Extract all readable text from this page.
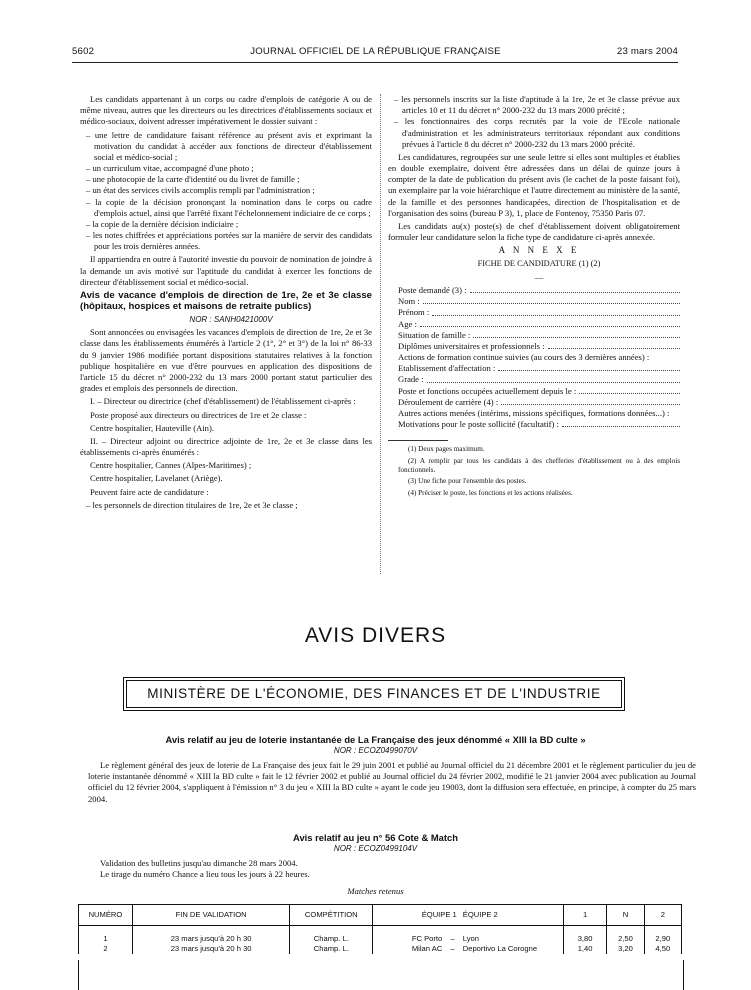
5602	JOURNAL OFFICIEL DE LA RÉPUBLIQUE FRANÇAISE	23 mars 2004

Les candidats appartenant à un corps ou cadre d'emplois de catégorie A ou de même niveau, autres que les directeurs ou les directrices d'établissements sociaux et médico-sociaux, doivent adresser impérativement le dossier suivant :

– une lettre de candidature faisant référence au présent avis et exprimant la motivation du candidat à accéder aux fonctions de directeur d'établissement social et médico-social ;
– un curriculum vitae, accompagné d'une photo ;
– une photocopie de la carte d'identité ou du livret de famille ;
– un état des services civils accomplis rempli par l'administration ;
– la copie de la décision prononçant la nomination dans le corps ou cadre d'emplois actuel, ainsi que l'arrêté fixant l'échelonnement indiciaire de ce corps ;
– la copie de la dernière décision indiciaire ;
– les notes chiffrées et appréciations portées sur la manière de servir des candidats pour les trois dernières années.

Il appartiendra en outre à l'autorité investie du pouvoir de nomination de joindre à la demande un avis motivé sur l'aptitude du candidat à exercer les fonctions de directeur d'établissement social et médico-social.

Avis de vacance d'emplois de direction de 1re, 2e et 3e classe (hôpitaux, hospices et maisons de retraite publics)

NOR : SANH0421000V

Sont annoncées ou envisagées les vacances d'emplois de direction de 1re, 2e et 3e classe dans les établissements énumérés à l'article 2 (1°, 2° et 3°) de la loi n° 86-33 du 9 janvier 1986 modifiée portant dispositions statutaires relatives à la fonction publique hospitalière en vue d'être pourvues en application des dispositions de l'article 15 du décret n° 2000-232 du 13 mars 2000 portant statut particulier des grades et emplois des personnels de direction.

I. – Directeur ou directrice (chef d'établissement) de l'établissement ci-après :

Poste proposé aux directeurs ou directrices de 1re et 2e classe :

Centre hospitalier, Hauteville (Ain).

II. – Directeur adjoint ou directrice adjointe de 1re, 2e et 3e classe dans les établissements ci-après énumérés :

Centre hospitalier, Cannes (Alpes-Maritimes) ;

Centre hospitalier, Lavelanet (Ariège).

Peuvent faire acte de candidature :

– les personnels de direction titulaires de 1re, 2e et 3e classe ;
– les personnels inscrits sur la liste d'aptitude à la 1re, 2e et 3e classe prévue aux articles 10 et 11 du décret n° 2000-232 du 13 mars 2000 précité ;
– les fonctionnaires des corps recrutés par la voie de l'Ecole nationale d'administration et les administrateurs territoriaux répondant aux conditions prévues à l'article 8 du décret n° 2000-232 du 13 mars 2000 précité.

Les candidatures, regroupées sur une seule lettre si elles sont multiples et établies en double exemplaire, doivent être adressées dans un délai de quinze jours à compter de la date de publication du présent avis (le cachet de la poste faisant foi), un exemplaire par la voie hiérarchique et l'autre directement au ministère de la santé, de la famille et des personnes handicapées, direction de l'hospitalisation et de l'organisation des soins (bureau P 3), 1, place de Fontenoy, 75350 Paris 07.

Les candidats au(x) poste(s) de chef d'établissement doivent obligatoirement formuler leur candidature selon la fiche type de candidature ci-après annexée.

A N N E X E

FICHE DE CANDIDATURE (1) (2)

—

Poste demandé (3) :
Nom :
Prénom :
Age :
Situation de famille :
Diplômes universitaires et professionnels :

Actions de formation continue suivies (au cours des 3 dernières années) :

Etablissement d'affectation :
Grade :
Poste et fonctions occupées actuellement depuis le :
Déroulement de carrière (4) :

Autres actions menées (intérims, missions spécifiques, formations données...) :

Motivations pour le poste sollicité (facultatif) :

(1) Deux pages maximum.

(2) A remplir par tous les candidats à des chefferies d'établissement ou à des emplois fonctionnels.

(3) Une fiche pour l'ensemble des postes.

(4) Préciser le poste, les fonctions et les actions réalisées.

AVIS DIVERS
MINISTÈRE DE L'ÉCONOMIE, DES FINANCES ET DE L'INDUSTRIE
Avis relatif au jeu de loterie instantanée de La Française des jeux dénommé « XIII la BD culte »
NOR : ECOZ0499070V
Le règlement général des jeux de loterie de La Française des jeux fait le 29 juin 2001 et publié au Journal officiel du 21 décembre 2001 et le règlement particulier du jeu de loterie instantanée dénommé « XIII la BD culte » fait le 12 février 2002 et publié au Journal officiel du 24 février 2002, modifié le 21 janvier 2004 avec publication au Journal officiel du 12 février 2004, s'appliquent à l'émission n° 3 du jeu « XIII la BD culte » ayant le code jeu 19003, dont la diffusion sera effectuée, en principe, à compter du 25 mars 2004.
Avis relatif au jeu n° 56 Cote & Match
NOR : ECOZ0499104V
Validation des bulletins jusqu'au dimanche 28 mars 2004.
Le tirage du numéro Chance a lieu tous les jours à 22 heures.
Matches retenus
NUMÉRO	FIN DE VALIDATION	COMPÉTITION	ÉQUIPE 1		ÉQUIPE 2	1	N	2
1	23 mars jusqu'à 20 h 30	Champ. L.	FC Porto	–	Lyon	3,80	2,50	2,90
2	23 mars jusqu'à 20 h 30	Champ. L.	Milan AC	–	Deportivo La Corogne	1,40	3,20	4,50
